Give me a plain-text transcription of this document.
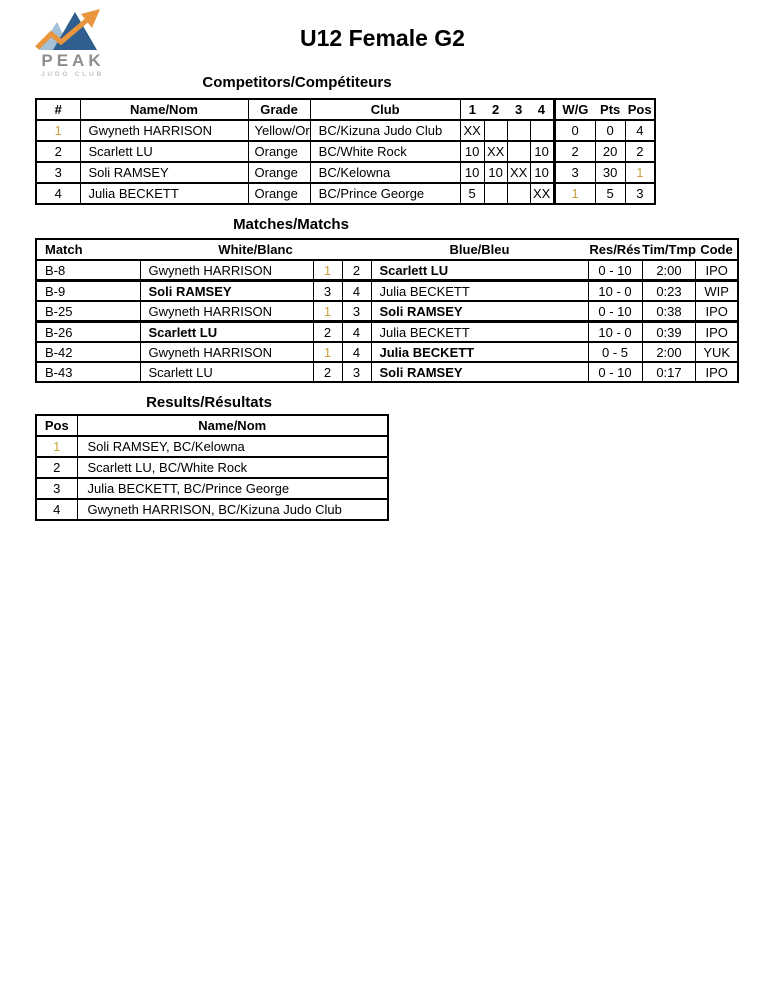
PEAK
JUDO CLUB
U12 Female G2
Competitors/Compétiteurs
#	Name/Nom	Grade	Club	1	2	3	4	W/G	Pts	Pos
1	Gwyneth HARRISON	Yellow/Or	BC/Kizuna Judo Club	XX				0	0	4
2	Scarlett LU	Orange	BC/White Rock	10	XX		10	2	20	2
3	Soli RAMSEY	Orange	BC/Kelowna	10	10	XX	10	3	30	1
4	Julia BECKETT	Orange	BC/Prince George	5			XX	1	5	3
Matches/Matchs
Match	White/Blanc			Blue/Bleu	Res/Rés	Tim/Tmp	Code
B-8	Gwyneth HARRISON	1	2	Scarlett LU	0 - 10	2:00	IPO
B-9	Soli RAMSEY	3	4	Julia BECKETT	10 - 0	0:23	WIP
B-25	Gwyneth HARRISON	1	3	Soli RAMSEY	0 - 10	0:38	IPO
B-26	Scarlett LU	2	4	Julia BECKETT	10 - 0	0:39	IPO
B-42	Gwyneth HARRISON	1	4	Julia BECKETT	0 - 5	2:00	YUK
B-43	Scarlett LU	2	3	Soli RAMSEY	0 - 10	0:17	IPO
Results/Résultats
Pos	Name/Nom
1	Soli RAMSEY, BC/Kelowna
2	Scarlett LU, BC/White Rock
3	Julia BECKETT, BC/Prince George
4	Gwyneth HARRISON, BC/Kizuna Judo Club
